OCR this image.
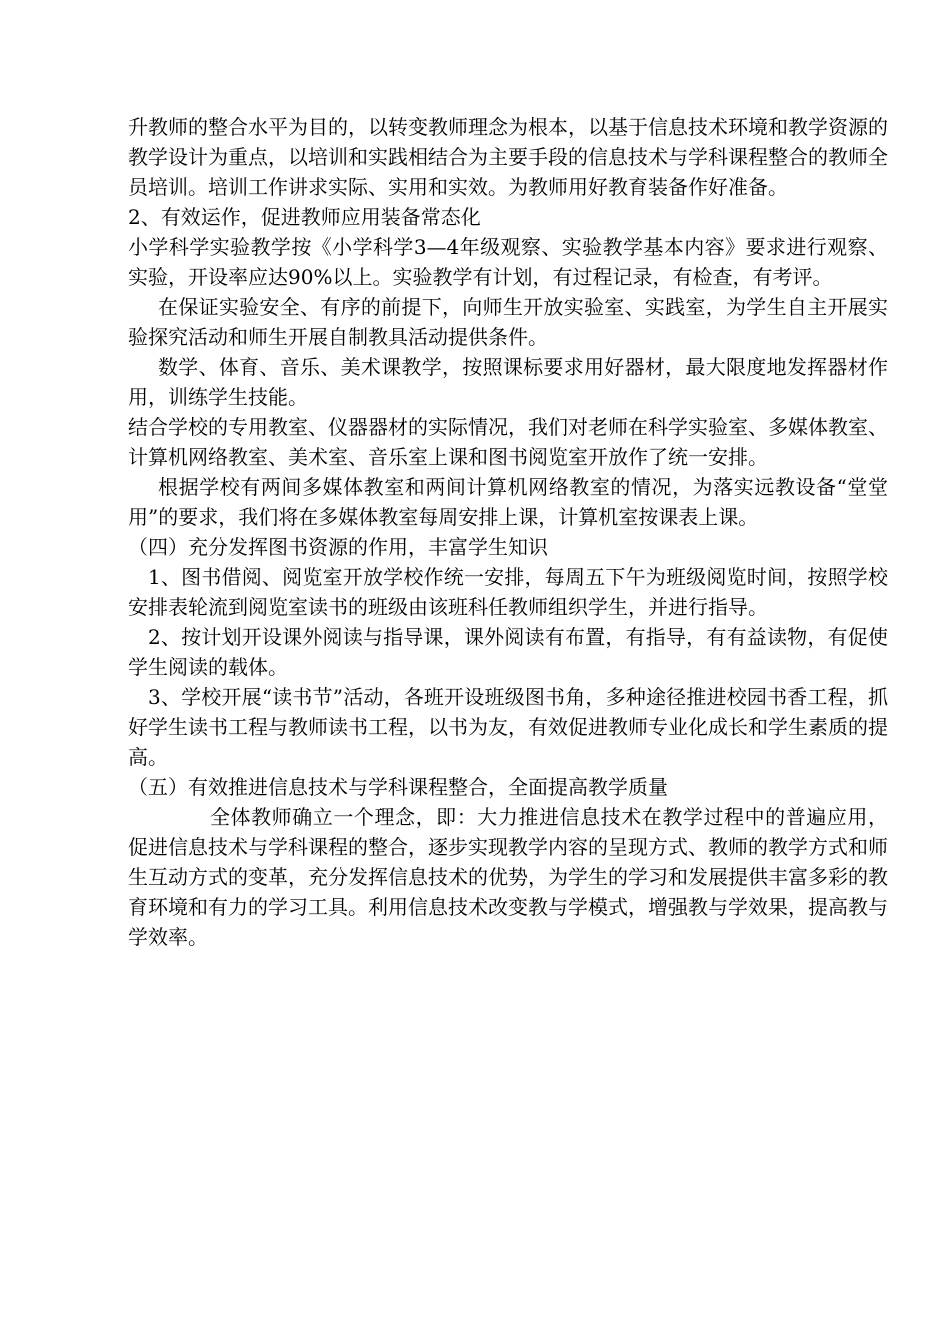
升教师的整合水平为目的，以转变教师理念为根本，以基于信息技术环境和教学资源的教学设计为重点，以培训和实践相结合为主要手段的信息技术与学科课程整合的教师全员培训。培训工作讲求实际、实用和实效。为教师用好教育装备作好准备。

2、有效运作，促进教师应用装备常态化

小学科学实验教学按《小学科学3—4年级观察、实验教学基本内容》要求进行观察、实验，开设率应达90%以上。实验教学有计划，有过程记录，有检查，有考评。

在保证实验安全、有序的前提下，向师生开放实验室、实践室，为学生自主开展实验探究活动和师生开展自制教具活动提供条件。

数学、体育、音乐、美术课教学，按照课标要求用好器材，最大限度地发挥器材作用，训练学生技能。

结合学校的专用教室、仪器器材的实际情况，我们对老师在科学实验室、多媒体教室、计算机网络教室、美术室、音乐室上课和图书阅览室开放作了统一安排。

根据学校有两间多媒体教室和两间计算机网络教室的情况，为落实远教设备“堂堂用”的要求，我们将在多媒体教室每周安排上课，计算机室按课表上课。

（四）充分发挥图书资源的作用，丰富学生知识

1、图书借阅、阅览室开放学校作统一安排，每周五下午为班级阅览时间，按照学校安排表轮流到阅览室读书的班级由该班科任教师组织学生，并进行指导。

2、按计划开设课外阅读与指导课，课外阅读有布置，有指导，有有益读物，有促使学生阅读的载体。

3、学校开展“读书节”活动，各班开设班级图书角，多种途径推进校园书香工程，抓好学生读书工程与教师读书工程，以书为友，有效促进教师专业化成长和学生素质的提高。

（五）有效推进信息技术与学科课程整合，全面提高教学质量

全体教师确立一个理念，即：大力推进信息技术在教学过程中的普遍应用，促进信息技术与学科课程的整合，逐步实现教学内容的呈现方式、教师的教学方式和师生互动方式的变革，充分发挥信息技术的优势，为学生的学习和发展提供丰富多彩的教育环境和有力的学习工具。利用信息技术改变教与学模式，增强教与学效果，提高教与学效率。
